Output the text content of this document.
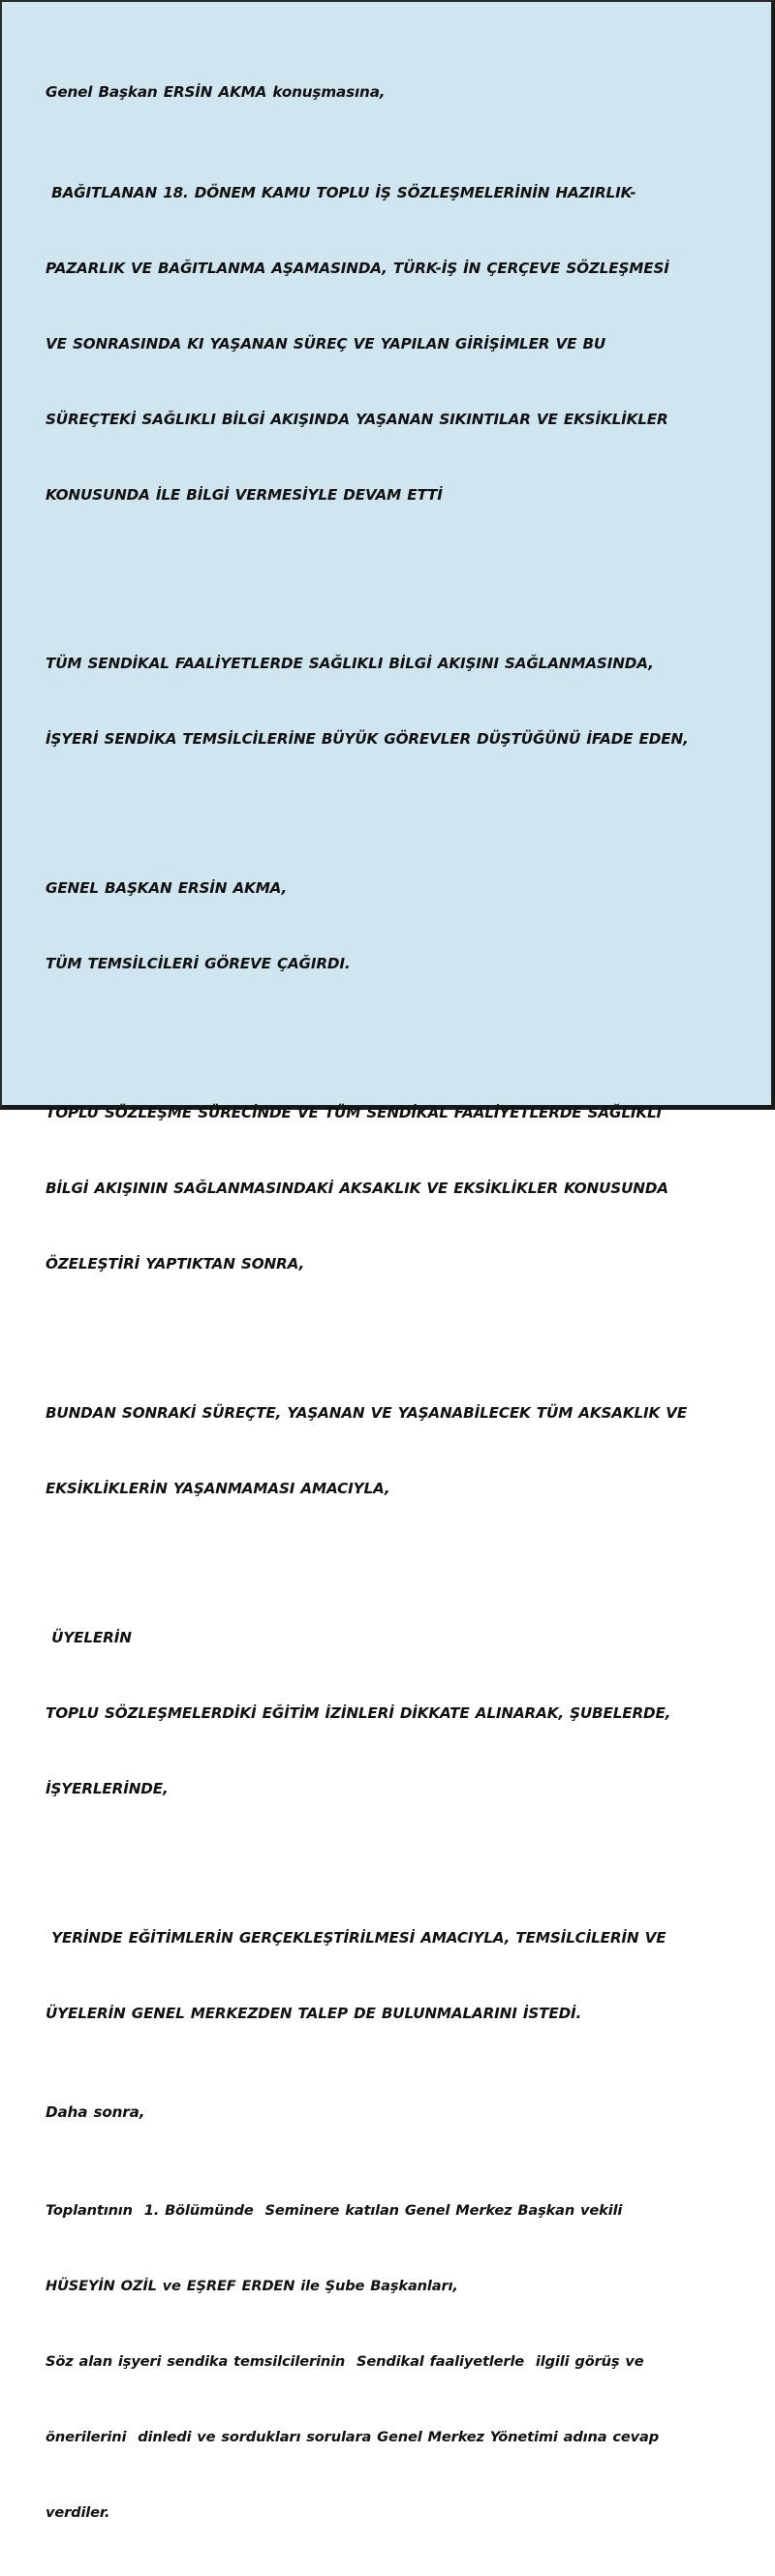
Genel Başkan ERSİN AKMA konuşmasına,

BAĞITLANAN 18. DÖNEM KAMU TOPLU İŞ SÖZLEŞMELERİNİN HAZIRLIK-

PAZARLIK VE BAĞITLANMA AŞAMASINDA, TÜRK-İŞ İN ÇERÇEVE SÖZLEŞMESİ

VE SONRASINDA KI YAŞANAN SÜREÇ VE YAPILAN GİRİŞİMLER VE BU

SÜREÇTEKİ SAĞLIKLI BİLGİ AKIŞINDA YAŞANAN SIKINTILAR VE EKSİKLİKLER

KONUSUNDA İLE BİLGİ VERMESİYLE DEVAM ETTİ

TÜM SENDİKAL FAALİYETLERDE SAĞLIKLI BİLGİ AKIŞINI SAĞLANMASINDA,

İŞYERİ SENDİKA TEMSİLCİLERİNE BÜYÜK GÖREVLER DÜŞTÜĞÜNÜ İFADE EDEN,

GENEL BAŞKAN ERSİN AKMA,

TÜM TEMSİLCİLERİ GÖREVE ÇAĞIRDI.

TOPLU SÖZLEŞME SÜRECİNDE VE TÜM SENDİKAL FAALİYETLERDE SAĞLIKLI

BİLGİ AKIŞININ SAĞLANMASINDAKİ AKSAKLIK VE EKSİKLİKLER KONUSUNDA

ÖZELEŞTİRİ YAPTIKTAN SONRA,

BUNDAN SONRAKİ SÜREÇTE, YAŞANAN VE YAŞANABİLECEK TÜM AKSAKLIK VE

EKSİKLİKLERİN YAŞANMAMASI AMACIYLA,

ÜYELERİN

TOPLU SÖZLEŞMELERDİKİ EĞİTİM İZİNLERİ DİKKATE ALINARAK, ŞUBELERDE,

İŞYERLERİNDE,

YERİNDE EĞİTİMLERİN GERÇEKLEŞTİRİLMESİ AMACIYLA, TEMSİLCİLERİN VE

ÜYELERİN GENEL MERKEZDEN TALEP DE BULUNMALARINI İSTEDİ.

Daha sonra,

Toplantının  1. Bölümünde  Seminere katılan Genel Merkez Başkan vekili

HÜSEYİN OZİL ve EŞREF ERDEN ile Şube Başkanları,

Söz alan işyeri sendika temsilcilerinin  Sendikal faaliyetlerle  ilgili görüş ve

önerilerini  dinledi ve sordukları sorulara Genel Merkez Yönetimi adına cevap

verdiler.
